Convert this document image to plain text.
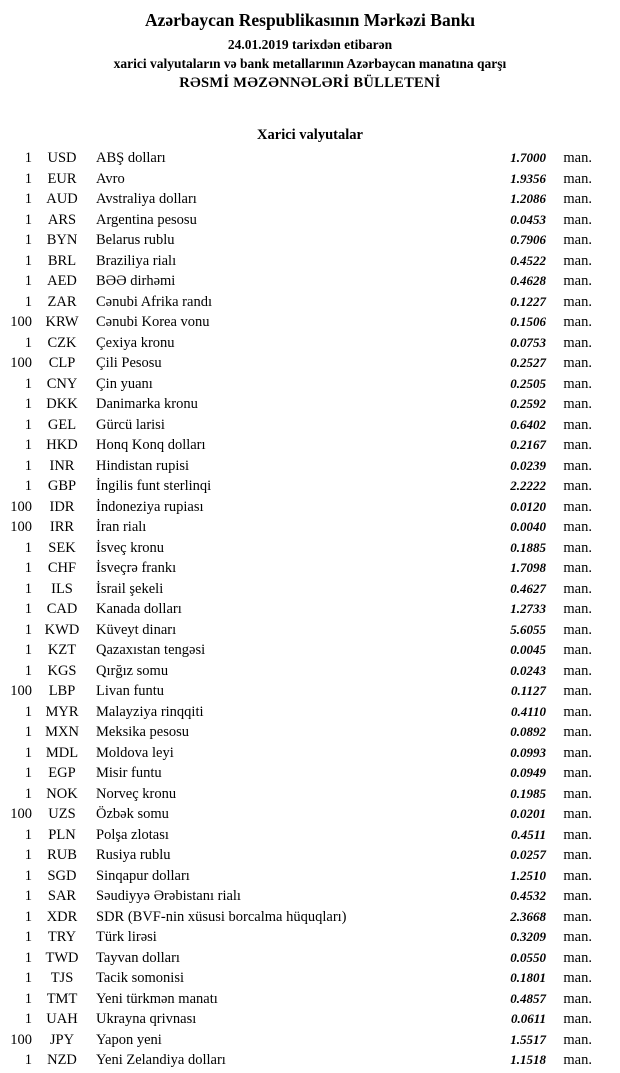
Azərbaycan Respublikasının Mərkəzi Bankı
24.01.2019 tarixdən etibarən
xarici valyutaların və bank metallarının Azərbaycan manatına qarşı
RƏSMİ MƏZƏNNƏLƏRİ BÜLLETENİ
Xarici valyutalar
1	USD	ABŞ dolları	1.7000	man.
1	EUR	Avro	1.9356	man.
1 AUD	Avstraliya dolları	1.2086	man.
1	ARS	Argentina pesosu	0.0453	man.
1	BYN	Belarus rublu	0.7906	man.
1	BRL	Braziliya rialı	0.4522	man.
1	AED	BƏƏ dirhəmi	0.4628	man.
1	ZAR	Cənubi Afrika randı	0.1227	man.
100 KRW	Cənubi Korea vonu	0.1506	man.
1	CZK	Çexiya kronu	0.0753	man.
100	CLP	Çili Pesosu	0.2527	man.
1	CNY	Çin yuanı	0.2505	man.
1 DKK	Danimarka kronu	0.2592	man.
1	GEL	Gürcü larisi	0.6402	man.
1 HKD	Honq Konq dolları	0.2167	man.
1	INR	Hindistan rupisi	0.0239	man.
1	GBP	İngilis funt sterlinqi	2.2222	man.
100	IDR	İndoneziya rupiası	0.0120	man.
100	IRR	İran rialı	0.0040	man.
1	SEK	İsveç kronu	0.1885	man.
1	CHF	İsveçrə frankı	1.7098	man.
1	ILS	İsrail şekeli	0.4627	man.
1	CAD	Kanada dolları	1.2733	man.
1 KWD	Küveyt dinarı	5.6055	man.
1	KZT	Qazaxıstan tengəsi	0.0045	man.
1	KGS	Qırğız somu	0.0243	man.
100	LBP	Livan funtu	0.1127	man.
1 MYR	Malayziya rinqqiti	0.4110	man.
1 MXN	Meksika pesosu	0.0892	man.
1 MDL	Moldova leyi	0.0993	man.
1	EGP	Misir funtu	0.0949	man.
1 NOK	Norveç kronu	0.1985	man.
100	UZS	Özbək somu	0.0201	man.
1	PLN	Polşa zlotası	0.4511	man.
1	RUB	Rusiya rublu	0.0257	man.
1	SGD	Sinqapur dolları	1.2510	man.
1	SAR	Səudiyyə Ərəbistanı rialı	0.4532	man.
1	XDR	SDR (BVF-nin xüsusi borcalma hüquqları)	2.3668	man.
1	TRY	Türk lirəsi	0.3209	man.
1 TWD	Tayvan dolları	0.0550	man.
1	TJS	Tacik somonisi	0.1801	man.
1	TMT	Yeni türkmən manatı	0.4857	man.
1 UAH	Ukrayna qrivnası	0.0611	man.
100	JPY	Yapon yeni	1.5517	man.
1	NZD	Yeni Zelandiya dolları	1.1518	man.
